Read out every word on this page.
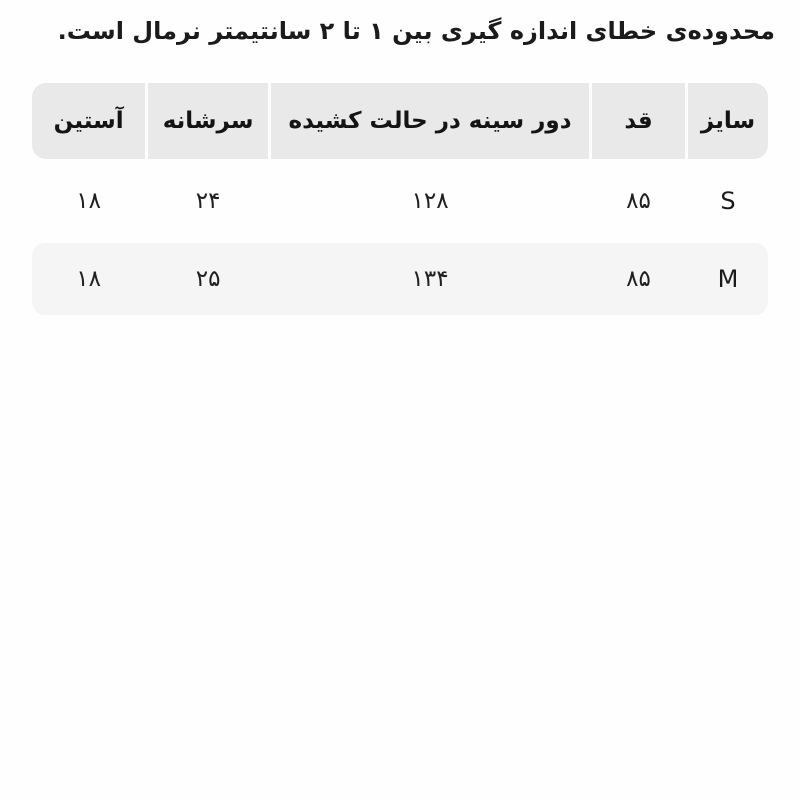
محدوده‌ی خطای اندازه گیری بین ۱ تا ۲ سانتیمتر نرمال است.

سایز
قد
دور سینه در حالت کشیده
سرشانه
آستین
S
۸۵
۱۲۸
۲۴
۱۸
M
۸۵
۱۳۴
۲۵
۱۸
